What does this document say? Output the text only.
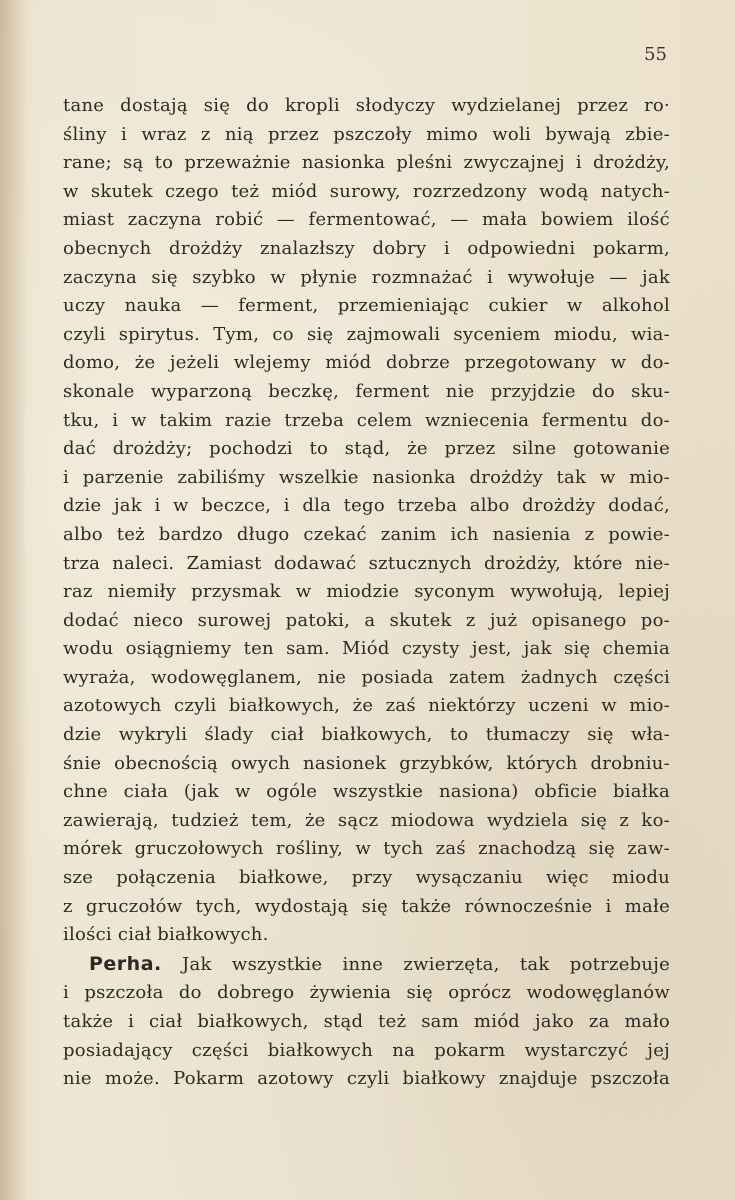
55
tane dostają się do kropli słodyczy wydzielanej przez ro·
śliny i wraz z nią przez pszczoły mimo woli bywają zbie-
rane; są to przeważnie nasionka pleśni zwyczajnej i drożdży,
w skutek czego też miód surowy, rozrzedzony wodą natych-
miast zaczyna robić — fermentować, — mała bowiem ilość
obecnych drożdży znalazłszy dobry i odpowiedni pokarm,
zaczyna się szybko w płynie rozmnażać i wywołuje — jak
uczy nauka — ferment, przemieniając cukier w alkohol
czyli spirytus. Tym, co się zajmowali syceniem miodu, wia-
domo, że jeżeli wlejemy miód dobrze przegotowany w do-
skonale wyparzoną beczkę, ferment nie przyjdzie do sku-
tku, i w takim razie trzeba celem wzniecenia fermentu do-
dać drożdży; pochodzi to stąd, że przez silne gotowanie
i parzenie zabiliśmy wszelkie nasionka drożdży tak w mio-
dzie jak i w beczce, i dla tego trzeba albo drożdży dodać,
albo też bardzo długo czekać zanim ich nasienia z powie-
trza naleci. Zamiast dodawać sztucznych drożdży, które nie-
raz niemiły przysmak w miodzie syconym wywołują, lepiej
dodać nieco surowej patoki, a skutek z już opisanego po-
wodu osiągniemy ten sam. Miód czysty jest, jak się chemia
wyraża, wodowęglanem, nie posiada zatem żadnych części
azotowych czyli białkowych, że zaś niektórzy uczeni w mio-
dzie wykryli ślady ciał białkowych, to tłumaczy się wła-
śnie obecnością owych nasionek grzybków, których drobniu-
chne ciała (jak w ogóle wszystkie nasiona) obficie białka
zawierają, tudzież tem, że sącz miodowa wydziela się z ko-
mórek gruczołowych rośliny, w tych zaś znachodzą się zaw-
sze połączenia białkowe, przy wysączaniu więc miodu
z gruczołów tych, wydostają się także równocześnie i małe
ilości ciał białkowych.
Perha. Jak wszystkie inne zwierzęta, tak potrzebuje
i pszczoła do dobrego żywienia się oprócz wodowęglanów
także i ciał białkowych, stąd też sam miód jako za mało
posiadający części białkowych na pokarm wystarczyć jej
nie może. Pokarm azotowy czyli białkowy znajduje pszczoła
